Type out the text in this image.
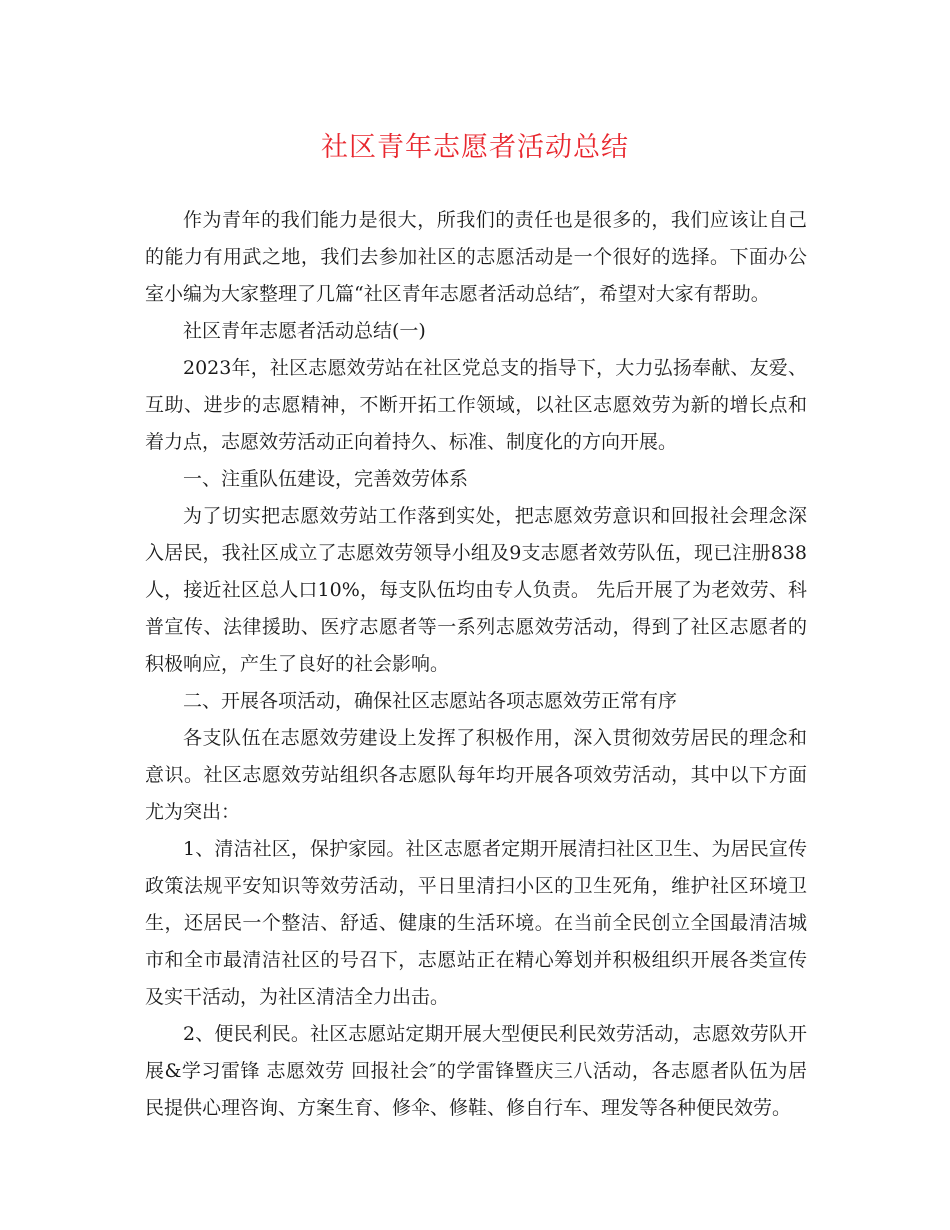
社区青年志愿者活动总结

作为青年的我们能力是很大，所我们的责任也是很多的，我们应该让自己的能力有用武之地，我们去参加社区的志愿活动是一个很好的选择。下面办公室小编为大家整理了几篇“社区青年志愿者活动总结″，希望对大家有帮助。

社区青年志愿者活动总结(一)

2023年，社区志愿效劳站在社区党总支的指导下，大力弘扬奉献、友爱、互助、进步的志愿精神，不断开拓工作领域，以社区志愿效劳为新的增长点和着力点，志愿效劳活动正向着持久、标准、制度化的方向开展。

一、注重队伍建设，完善效劳体系

为了切实把志愿效劳站工作落到实处，把志愿效劳意识和回报社会理念深入居民，我社区成立了志愿效劳领导小组及9支志愿者效劳队伍，现已注册838人，接近社区总人口10%，每支队伍均由专人负责。 先后开展了为老效劳、科普宣传、法律援助、医疗志愿者等一系列志愿效劳活动，得到了社区志愿者的积极响应，产生了良好的社会影响。

二、开展各项活动，确保社区志愿站各项志愿效劳正常有序

各支队伍在志愿效劳建设上发挥了积极作用，深入贯彻效劳居民的理念和意识。社区志愿效劳站组织各志愿队每年均开展各项效劳活动，其中以下方面尤为突出：

1、清洁社区，保护家园。社区志愿者定期开展清扫社区卫生、为居民宣传政策法规平安知识等效劳活动，平日里清扫小区的卫生死角，维护社区环境卫生，还居民一个整洁、舒适、健康的生活环境。在当前全民创立全国最清洁城市和全市最清洁社区的号召下，志愿站正在精心筹划并积极组织开展各类宣传及实干活动，为社区清洁全力出击。

2、便民利民。社区志愿站定期开展大型便民利民效劳活动，志愿效劳队开展&学习雷锋 志愿效劳 回报社会″的学雷锋暨庆三八活动，各志愿者队伍为居民提供心理咨询、方案生育、修伞、修鞋、修自行车、理发等各种便民效劳。
